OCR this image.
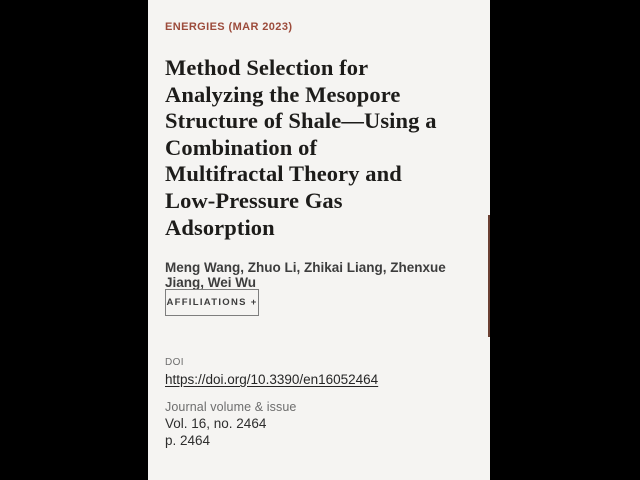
ENERGIES (MAR 2023)
Method Selection for
Analyzing the Mesopore
Structure of Shale—Using a
Combination of
Multifractal Theory and
Low-Pressure Gas
Adsorption
Meng Wang, Zhuo Li, Zhikai Liang, Zhenxue Jiang, Wei Wu
AFFILIATIONS +
DOI
https://doi.org/10.3390/en16052464
Journal volume & issue
Vol. 16, no. 2464
p. 2464
